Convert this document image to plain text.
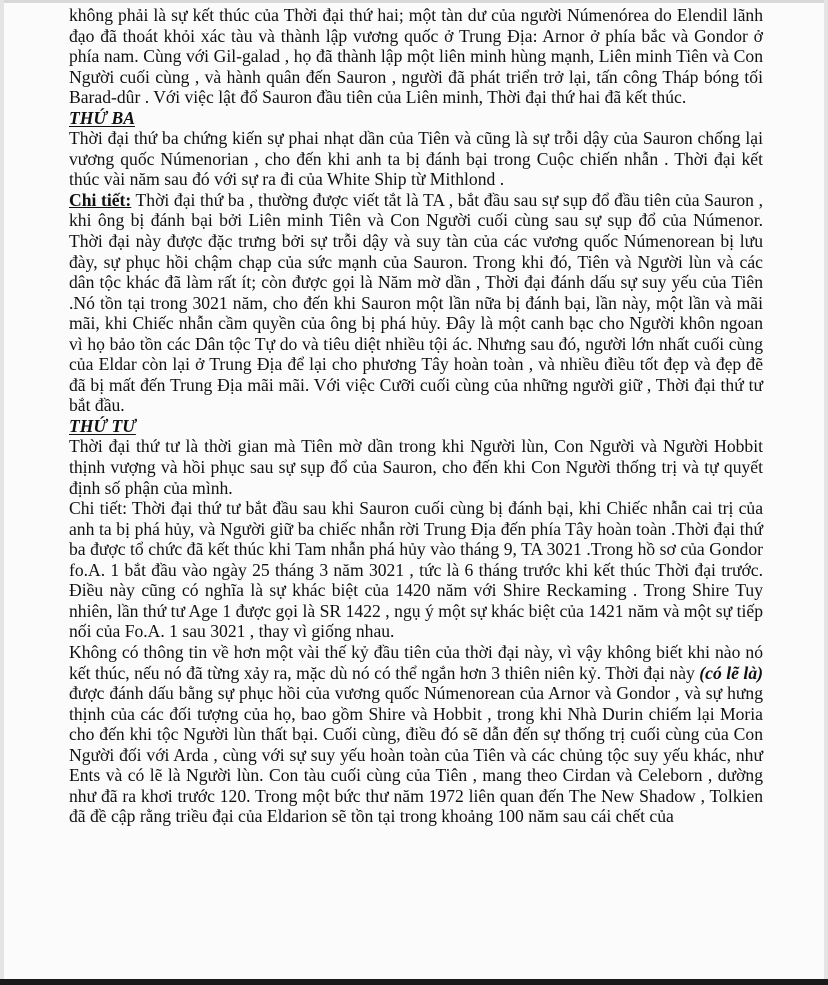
không phải là sự kết thúc của Thời đại thứ hai; một tàn dư của người Númenórea do Elendil lãnh đạo đã thoát khỏi xác tàu và thành lập vương quốc ở Trung Địa: Arnor ở phía bắc và Gondor ở phía nam. Cùng với Gil-galad , họ đã thành lập một liên minh hùng mạnh, Liên minh Tiên và Con Người cuối cùng , và hành quân đến Sauron , người đã phát triển trở lại, tấn công Tháp bóng tối Barad-dûr . Với việc lật đổ Sauron đầu tiên của Liên minh, Thời đại thứ hai đã kết thúc.

THỨ BA

Thời đại thứ ba chứng kiến sự phai nhạt dần của Tiên và cũng là sự trỗi dậy của Sauron chống lại vương quốc Númenorian , cho đến khi anh ta bị đánh bại trong Cuộc chiến nhẫn . Thời đại kết thúc vài năm sau đó với sự ra đi của White Ship từ Mithlond .

Chi tiết: Thời đại thứ ba , thường được viết tắt là TA , bắt đầu sau sự sụp đổ đầu tiên của Sauron , khi ông bị đánh bại bởi Liên minh Tiên và Con Người cuối cùng sau sự sụp đổ của Númenor. Thời đại này được đặc trưng bởi sự trỗi dậy và suy tàn của các vương quốc Númenorean bị lưu đày, sự phục hồi chậm chạp của sức mạnh của Sauron. Trong khi đó, Tiên và Người lùn và các dân tộc khác đã làm rất ít; còn được gọi là Năm mờ dần , Thời đại đánh dấu sự suy yếu của Tiên .Nó tồn tại trong 3021 năm, cho đến khi Sauron một lần nữa bị đánh bại, lần này, một lần và mãi mãi, khi Chiếc nhẫn cầm quyền của ông bị phá hủy. Đây là một canh bạc cho Người khôn ngoan vì họ bảo tồn các Dân tộc Tự do và tiêu diệt nhiều tội ác. Nhưng sau đó, người lớn nhất cuối cùng của Eldar còn lại ở Trung Địa để lại cho phương Tây hoàn toàn , và nhiều điều tốt đẹp và đẹp đẽ đã bị mất đến Trung Địa mãi mãi. Với việc Cưỡi cuối cùng của những người giữ , Thời đại thứ tư bắt đầu.

THỨ TƯ

Thời đại thứ tư là thời gian mà Tiên mờ dần trong khi Người lùn, Con Người và Người Hobbit thịnh vượng và hồi phục sau sự sụp đổ của Sauron, cho đến khi Con Người thống trị và tự quyết định số phận của mình.

Chi tiết: Thời đại thứ tư bắt đầu sau khi Sauron cuối cùng bị đánh bại, khi Chiếc nhẫn cai trị của anh ta bị phá hủy, và Người giữ ba chiếc nhẫn rời Trung Địa đến phía Tây hoàn toàn .Thời đại thứ ba được tổ chức đã kết thúc khi Tam nhẫn phá hủy vào tháng 9, TA 3021 .Trong hồ sơ của Gondor fo.A. 1 bắt đầu vào ngày 25 tháng 3 năm 3021 , tức là 6 tháng trước khi kết thúc Thời đại trước. Điều này cũng có nghĩa là sự khác biệt của 1420 năm với Shire Reckaming . Trong Shire Tuy nhiên, lần thứ tư Age 1 được gọi là SR 1422 , ngụ ý một sự khác biệt của 1421 năm và một sự tiếp nối của Fo.A. 1 sau 3021 , thay vì giống nhau.

Không có thông tin về hơn một vài thế kỷ đầu tiên của thời đại này, vì vậy không biết khi nào nó kết thúc, nếu nó đã từng xảy ra, mặc dù nó có thể ngắn hơn 3 thiên niên kỷ. Thời đại này (có lẽ là) được đánh dấu bằng sự phục hồi của vương quốc Númenorean của Arnor và Gondor , và sự hưng thịnh của các đối tượng của họ, bao gồm Shire và Hobbit , trong khi Nhà Durin chiếm lại Moria cho đến khi tộc Người lùn thất bại. Cuối cùng, điều đó sẽ dẫn đến sự thống trị cuối cùng của Con Người đối với Arda , cùng với sự suy yếu hoàn toàn của Tiên và các chủng tộc suy yếu khác, như Ents và có lẽ là Người lùn. Con tàu cuối cùng của Tiên , mang theo Cirdan và Celeborn , dường như đã ra khơi trước 120. Trong một bức thư năm 1972 liên quan đến The New Shadow , Tolkien đã đề cập rằng triều đại của Eldarion sẽ tồn tại trong khoảng 100 năm sau cái chết của
